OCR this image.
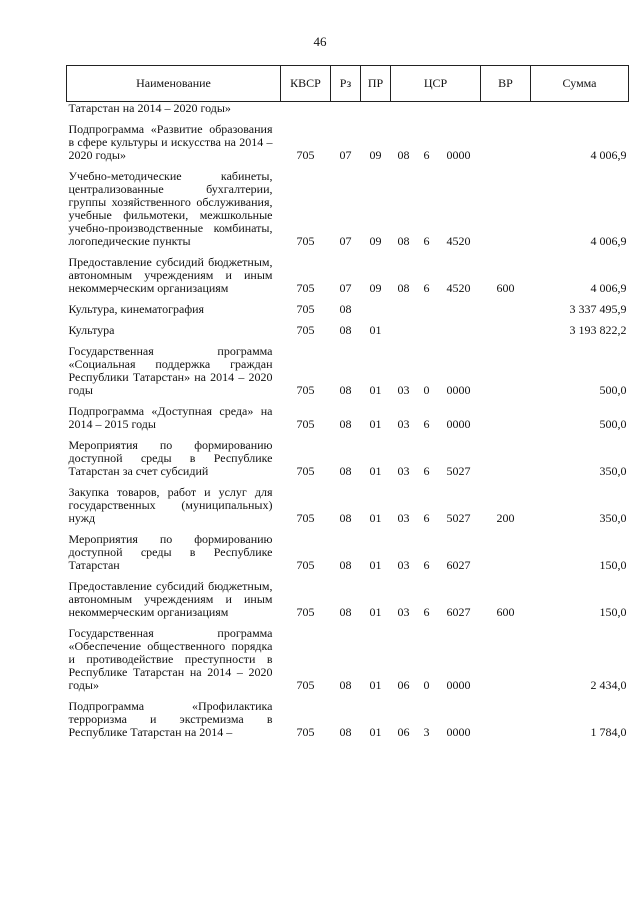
46
Наименование	КВСР	Рз	ПР	ЦСР			ВР	Сумма
Татарстан на 2014 – 2020 годы»								
Подпрограмма «Развитие образования в сфере культуры и искусства на 2014 – 2020 годы»	705	07	09	08	6	0000		4 006,9
Учебно-методические кабинеты, централизованные бухгалтерии, группы хозяйственного обслуживания, учебные фильмотеки, межшкольные учебно-производственные комбинаты, логопедические пункты	705	07	09	08	6	4520		4 006,9
Предоставление субсидий бюджетным, автономным учреждениям и иным некоммерческим организациям	705	07	09	08	6	4520	600	4 006,9
Культура, кинематография	705	08						3 337 495,9
Культура	705	08	01					3 193 822,2
Государственная программа «Социальная поддержка граждан Республики Татарстан» на 2014 – 2020 годы	705	08	01	03	0	0000		500,0
Подпрограмма «Доступная среда» на 2014 – 2015 годы	705	08	01	03	6	0000		500,0
Мероприятия по формированию доступной среды в Республике Татарстан за счет субсидий	705	08	01	03	6	5027		350,0
Закупка товаров, работ и услуг для государственных (муниципальных) нужд	705	08	01	03	6	5027	200	350,0
Мероприятия по формированию доступной среды в Республике Татарстан	705	08	01	03	6	6027		150,0
Предоставление субсидий бюджетным, автономным учреждениям и иным некоммерческим организациям	705	08	01	03	6	6027	600	150,0
Государственная программа «Обеспечение общественного порядка и противодействие преступности в Республике Татарстан на 2014 – 2020 годы»	705	08	01	06	0	0000		2 434,0
Подпрограмма «Профилактика терроризма и экстремизма в Республике Татарстан на 2014 –	705	08	01	06	3	0000		1 784,0
